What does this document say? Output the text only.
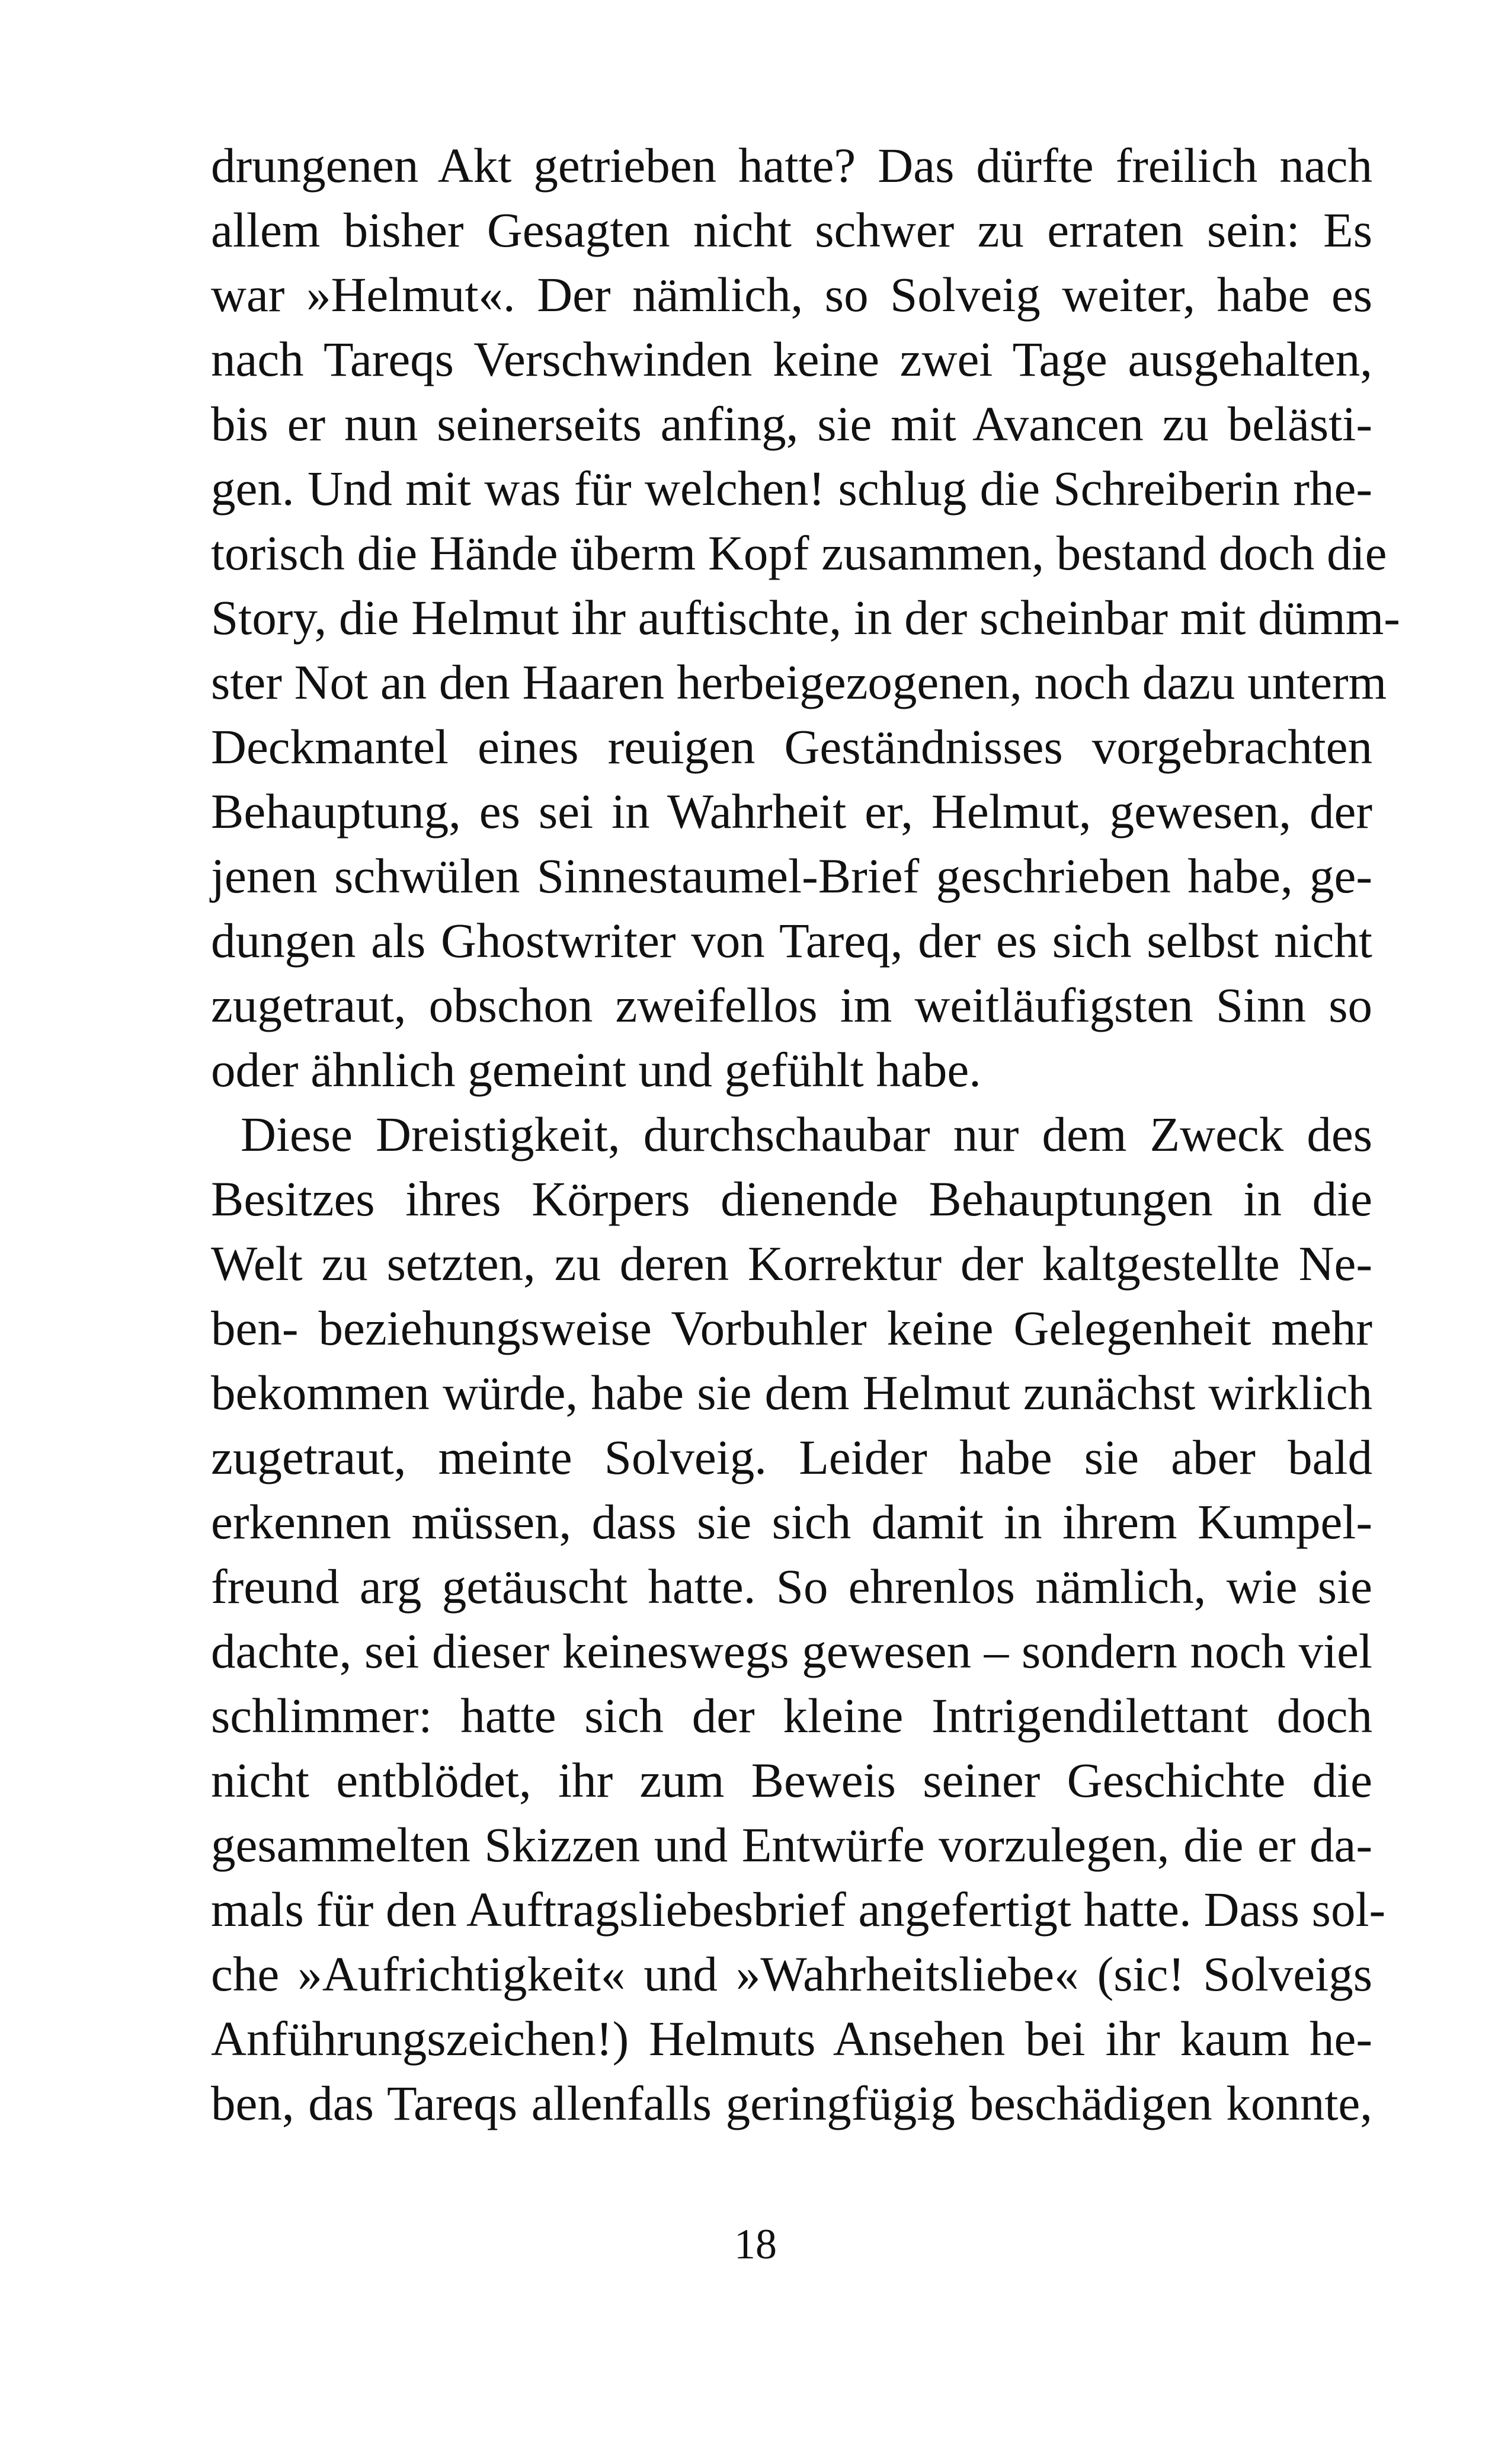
drungenen Akt getrieben hatte? Das dürfte freilich nach
allem bisher Gesagten nicht schwer zu erraten sein: Es
war »Helmut«. Der nämlich, so Solveig weiter, habe es
nach Tareqs Verschwinden keine zwei Tage ausgehalten,
bis er nun seinerseits anfing, sie mit Avancen zu belästi-
gen. Und mit was für welchen! schlug die Schreiberin rhe-
torisch die Hände überm Kopf zusammen, bestand doch die
Story, die Helmut ihr auftischte, in der scheinbar mit dümm-
ster Not an den Haaren herbeigezogenen, noch dazu unterm
Deckmantel eines reuigen Geständnisses vorgebrachten
Behauptung, es sei in Wahrheit er, Helmut, gewesen, der
jenen schwülen Sinnestaumel-Brief geschrieben habe, ge-
dungen als Ghostwriter von Tareq, der es sich selbst nicht
zugetraut, obschon zweifellos im weitläufigsten Sinn so
oder ähnlich gemeint und gefühlt habe.
Diese Dreistigkeit, durchschaubar nur dem Zweck des
Besitzes ihres Körpers dienende Behauptungen in die
Welt zu setzten, zu deren Korrektur der kaltgestellte Ne-
ben- beziehungsweise Vorbuhler keine Gelegenheit mehr
bekommen würde, habe sie dem Helmut zunächst wirklich
zugetraut, meinte Solveig. Leider habe sie aber bald
erkennen müssen, dass sie sich damit in ihrem Kumpel-
freund arg getäuscht hatte. So ehrenlos nämlich, wie sie
dachte, sei dieser keineswegs gewesen – sondern noch viel
schlimmer: hatte sich der kleine Intrigendilettant doch
nicht entblödet, ihr zum Beweis seiner Geschichte die
gesammelten Skizzen und Entwürfe vorzulegen, die er da-
mals für den Auftragsliebesbrief angefertigt hatte. Dass sol-
che »Aufrichtigkeit« und »Wahrheitsliebe« (sic! Solveigs
Anführungszeichen!) Helmuts Ansehen bei ihr kaum he-
ben, das Tareqs allenfalls geringfügig beschädigen konnte,
18
